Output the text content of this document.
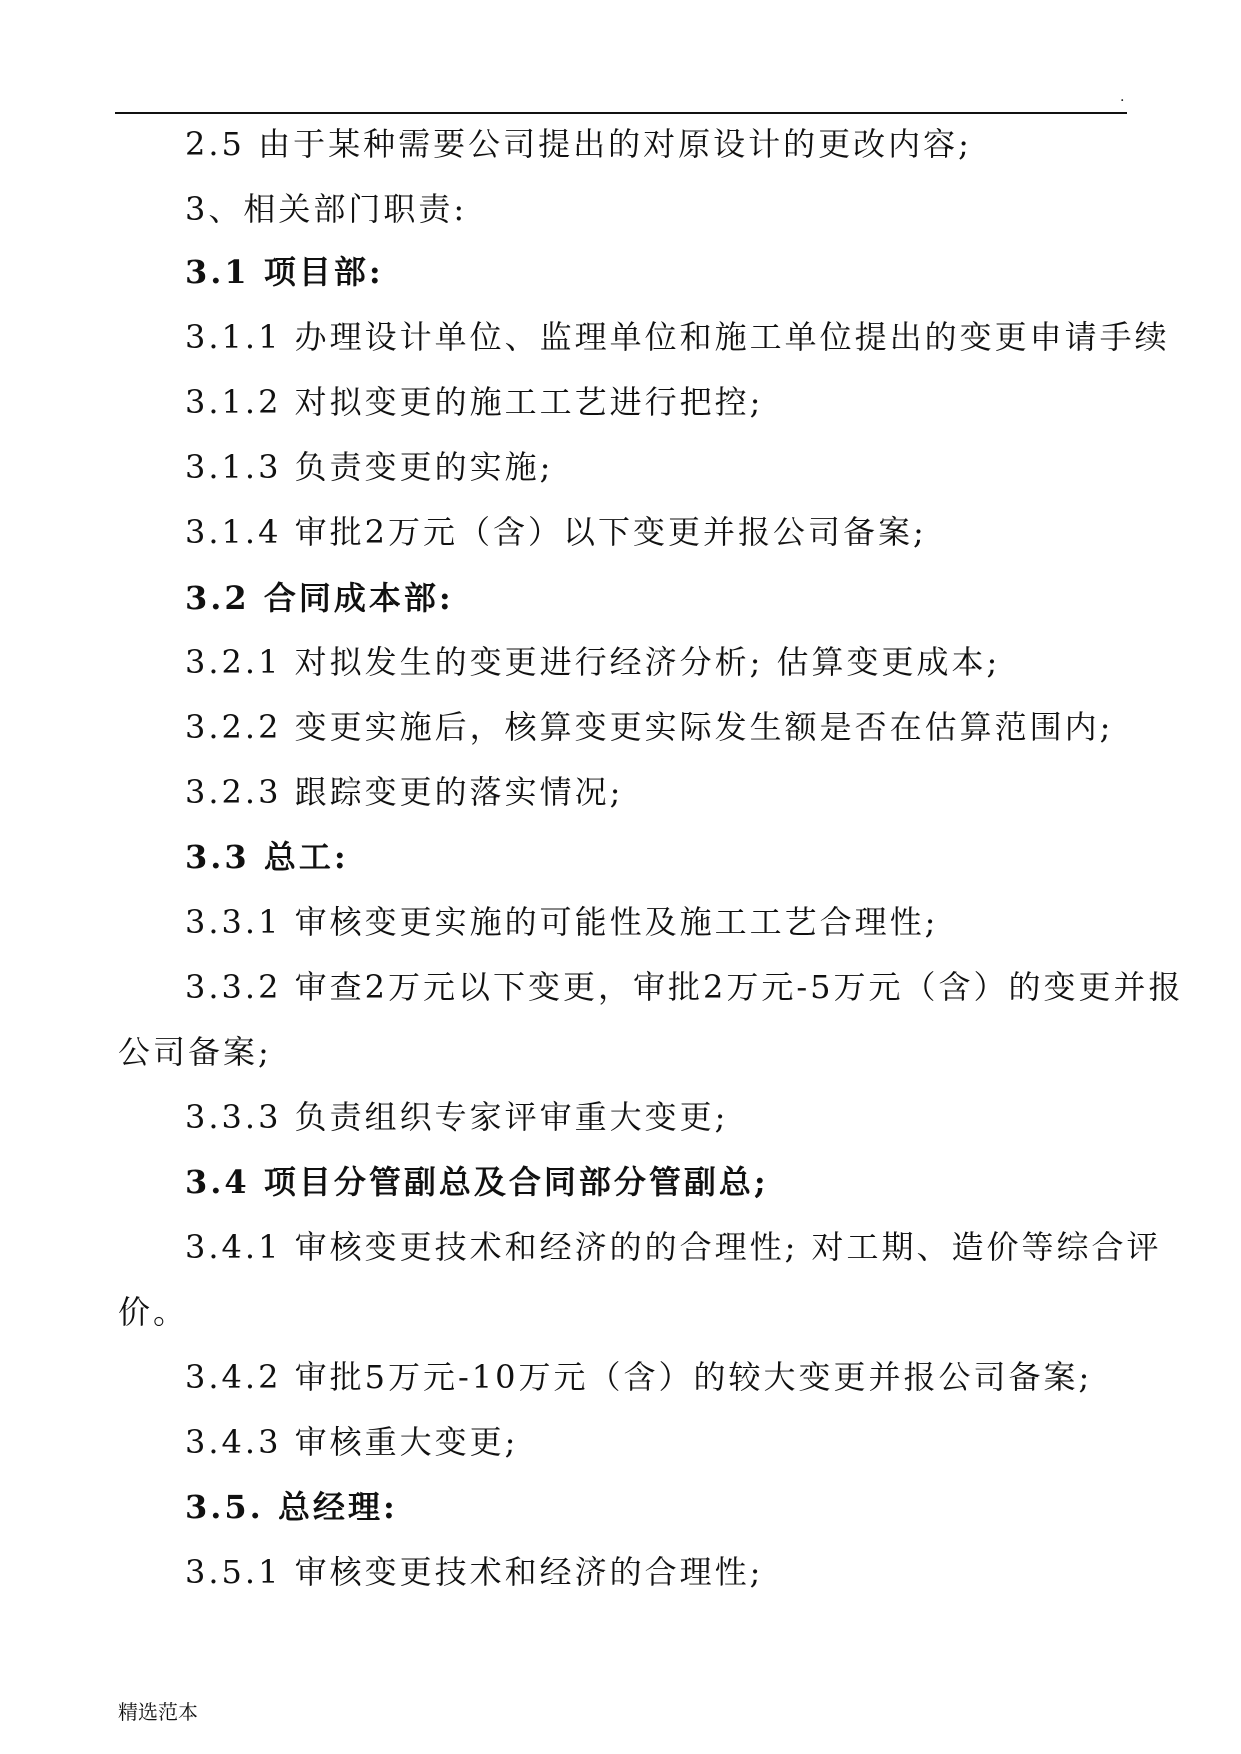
.
2.5 由于某种需要公司提出的对原设计的更改内容;
3、相关部门职责:
3.1 项目部:
3.1.1 办理设计单位、监理单位和施工单位提出的变更申请手续
3.1.2 对拟变更的施工工艺进行把控;
3.1.3 负责变更的实施;
3.1.4 审批2万元（含）以下变更并报公司备案;
3.2 合同成本部:
3.2.1 对拟发生的变更进行经济分析; 估算变更成本;
3.2.2 变更实施后，核算变更实际发生额是否在估算范围内;
3.2.3 跟踪变更的落实情况;
3.3 总工:
3.3.1 审核变更实施的可能性及施工工艺合理性;
3.3.2 审查2万元以下变更，审批2万元-5万元（含）的变更并报
公司备案;
3.3.3 负责组织专家评审重大变更;
3.4 项目分管副总及合同部分管副总;
3.4.1 审核变更技术和经济的的合理性; 对工期、造价等综合评
价。
3.4.2 审批5万元-10万元（含）的较大变更并报公司备案;
3.4.3 审核重大变更;
3.5. 总经理:
3.5.1 审核变更技术和经济的合理性;
精选范本
